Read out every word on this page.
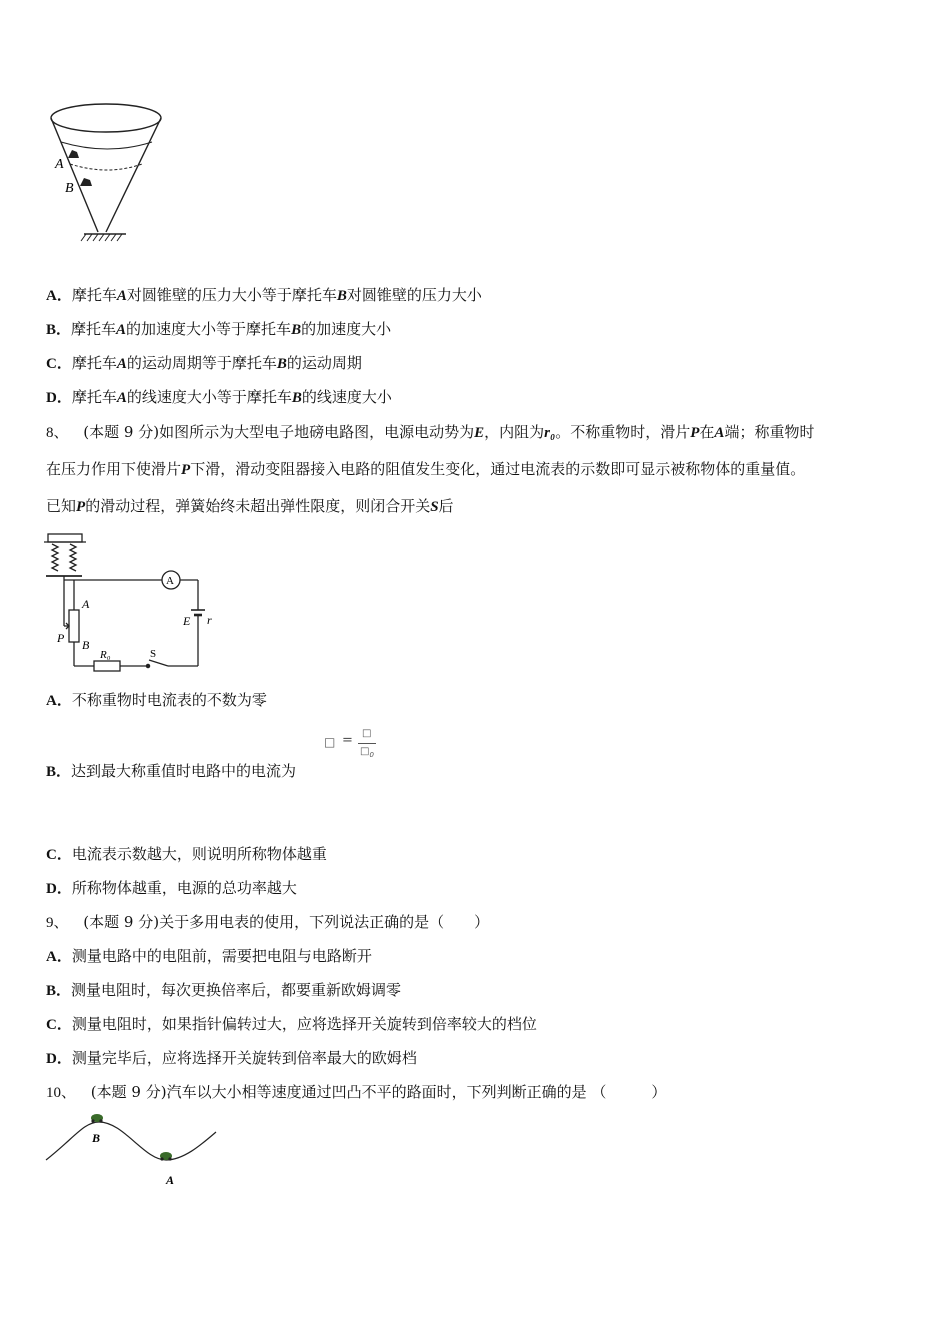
A
B
A．摩托车A对圆锥壁的压力大小等于摩托车B对圆锥壁的压力大小
B．摩托车A的加速度大小等于摩托车B的加速度大小
C．摩托车A的运动周期等于摩托车B的运动周期
D．摩托车A的线速度大小等于摩托车B的线速度大小
8、 (本题 9 分)如图所示为大型电子地磅电路图，电源电动势为E，内阻为r₀。不称重物时，滑片P在A端；称重物时
在压力作用下使滑片P下滑，滑动变阻器接入电路的阻值发生变化，通过电流表的示数即可显示被称物体的重量值。
已知P的滑动过程，弹簧始终未超出弹性限度，则闭合开关S后
A
E r
A
P B
R₀	S
A．不称重物时电流表的不数为零
□ = □
$□_0$
B．达到最大称重值时电路中的电流为
C．电流表示数越大，则说明所称物体越重
D．所称物体越重，电源的总功率越大
9、 (本题 9 分)关于多用电表的使用，下列说法正确的是（　　）
A．测量电路中的电阻前，需要把电阻与电路断开
B．测量电阻时，每次更换倍率后，都要重新欧姆调零
C．测量电阻时，如果指针偏转过大，应将选择开关旋转到倍率较大的档位
D．测量完毕后，应将选择开关旋转到倍率最大的欧姆档
10、 (本题 9 分)汽车以大小相等速度通过凹凸不平的路面时，下列判断正确的是 （　　　）
B
A
